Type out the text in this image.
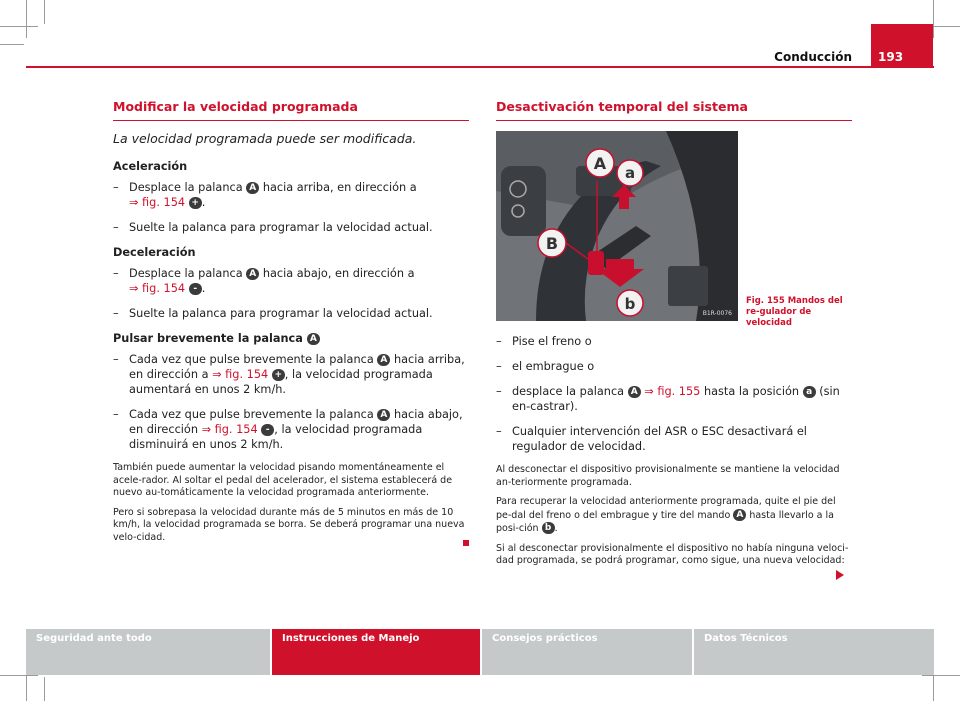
Conducción 193
Modificar la velocidad programada
La velocidad programada puede ser modificada.
Aceleración
– Desplace la palanca A hacia arriba, en dirección a
⇒ fig. 154 + .
– Suelte la palanca para programar la velocidad actual.
Deceleración
– Desplace la palanca A hacia abajo, en dirección a
⇒ fig. 154 - .
– Suelte la palanca para programar la velocidad actual.
Pulsar brevemente la palanca A
– Cada vez que pulse brevemente la palanca A hacia arriba, en dirección a ⇒ fig. 154 + , la velocidad programada aumentará en unos 2 km/h.
– Cada vez que pulse brevemente la palanca A hacia abajo, en dirección ⇒ fig. 154 - , la velocidad programada disminuirá en unos 2 km/h.
También puede aumentar la velocidad pisando momentáneamente el acele-rador. Al soltar el pedal del acelerador, el sistema establecerá de nuevo au-tomáticamente la velocidad programada anteriormente.
Pero si sobrepasa la velocidad durante más de 5 minutos en más de 10 km/h, la velocidad programada se borra. Se deberá programar una nueva velo-cidad.
Desactivación temporal del sistema
A a
B
b
B1R-0076
Fig. 155 Mandos del re-gulador de velocidad
– Pise el freno o
– el embrague o
– desplace la palanca A ⇒ fig. 155 hasta la posición a (sin en-castrar).
– Cualquier intervención del ASR o ESC desactivará el regulador de velocidad.
Al desconectar el dispositivo provisionalmente se mantiene la velocidad an-teriormente programada.
Para recuperar la velocidad anteriormente programada, quite el pie del pe-dal del freno o del embrague y tire del mando A hasta llevarlo a la posi-ción b .
Si al desconectar provisionalmente el dispositivo no había ninguna veloci-dad programada, se podrá programar, como sigue, una nueva velocidad:
Seguridad ante todo	Instrucciones de Manejo	Consejos prácticos	Datos Técnicos
